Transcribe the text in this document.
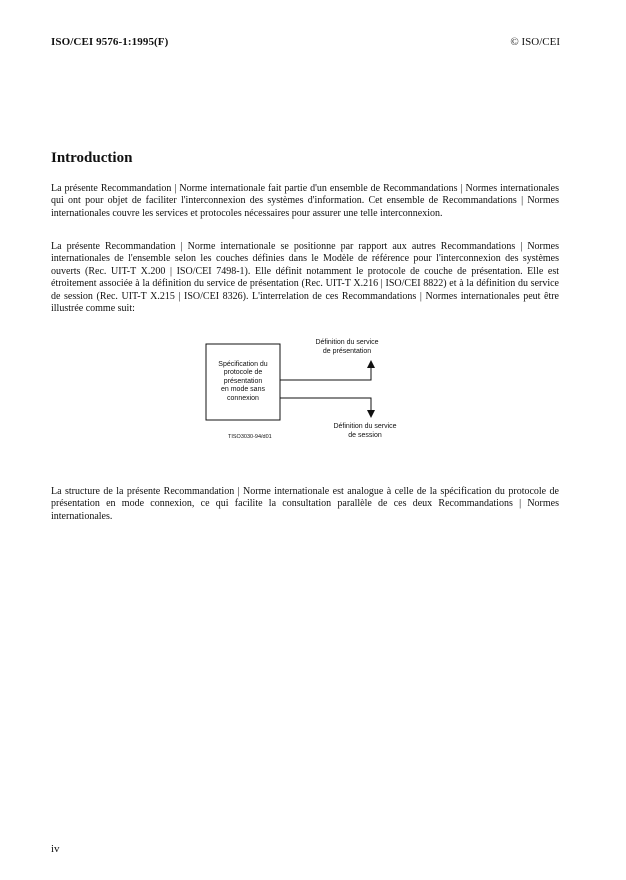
ISO/CEI 9576-1:1995(F)	© ISO/CEI
Introduction

La présente Recommandation | Norme internationale fait partie d'un ensemble de Recommandations | Normes internationales qui ont pour objet de faciliter l'interconnexion des systèmes d'information. Cet ensemble de Recommandations | Normes internationales couvre les services et protocoles nécessaires pour assurer une telle interconnexion.

La présente Recommandation | Norme internationale se positionne par rapport aux autres Recommandations | Normes internationales de l'ensemble selon les couches définies dans le Modèle de référence pour l'interconnexion des systèmes ouverts (Rec. UIT-T X.200 | ISO/CEI 7498-1). Elle définit notamment le protocole de couche de présentation. Elle est étroitement associée à la définition du service de présentation (Rec. UIT-T X.216 | ISO/CEI 8822) et à la définition du service de session (Rec. UIT-T X.215 | ISO/CEI 8326). L'interrelation de ces Recommandations | Normes internationales peut être illustrée comme suit:

Spécification du
protocole de
présentation
en mode sans
connexion
Définition du service
de présentation
Définition du service
de session
TISO3030-94/d01

La structure de la présente Recommandation | Norme internationale est analogue à celle de la spécification du protocole de présentation en mode connexion, ce qui facilite la consultation parallèle de ces deux Recommandations | Normes internationales.

iv
